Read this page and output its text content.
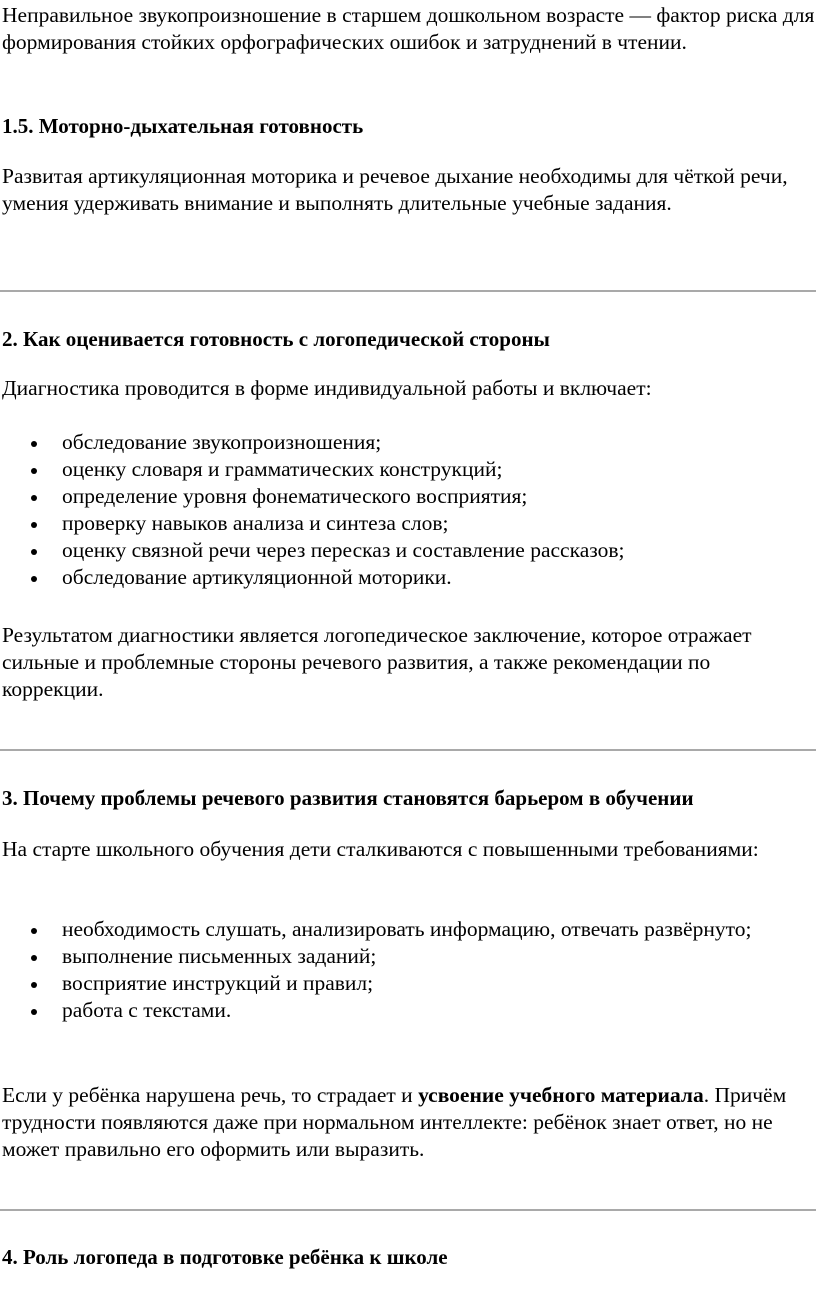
Неправильное звукопроизношение в старшем дошкольном возрасте — фактор риска для формирования стойких орфографических ошибок и затруднений в чтении.

1.5. Моторно-дыхательная готовность

Развитая артикуляционная моторика и речевое дыхание необходимы для чёткой речи, умения удерживать внимание и выполнять длительные учебные задания.

2. Как оценивается готовность с логопедической стороны

Диагностика проводится в форме индивидуальной работы и включает:

обследование звукопроизношения;
оценку словаря и грамматических конструкций;
определение уровня фонематического восприятия;
проверку навыков анализа и синтеза слов;
оценку связной речи через пересказ и составление рассказов;
обследование артикуляционной моторики.

Результатом диагностики является логопедическое заключение, которое отражает сильные и проблемные стороны речевого развития, а также рекомендации по коррекции.

3. Почему проблемы речевого развития становятся барьером в обучении

На старте школьного обучения дети сталкиваются с повышенными требованиями:

необходимость слушать, анализировать информацию, отвечать развёрнуто;
выполнение письменных заданий;
восприятие инструкций и правил;
работа с текстами.

Если у ребёнка нарушена речь, то страдает и усвоение учебного материала. Причём трудности появляются даже при нормальном интеллекте: ребёнок знает ответ, но не может правильно его оформить или выразить.

4. Роль логопеда в подготовке ребёнка к школе
